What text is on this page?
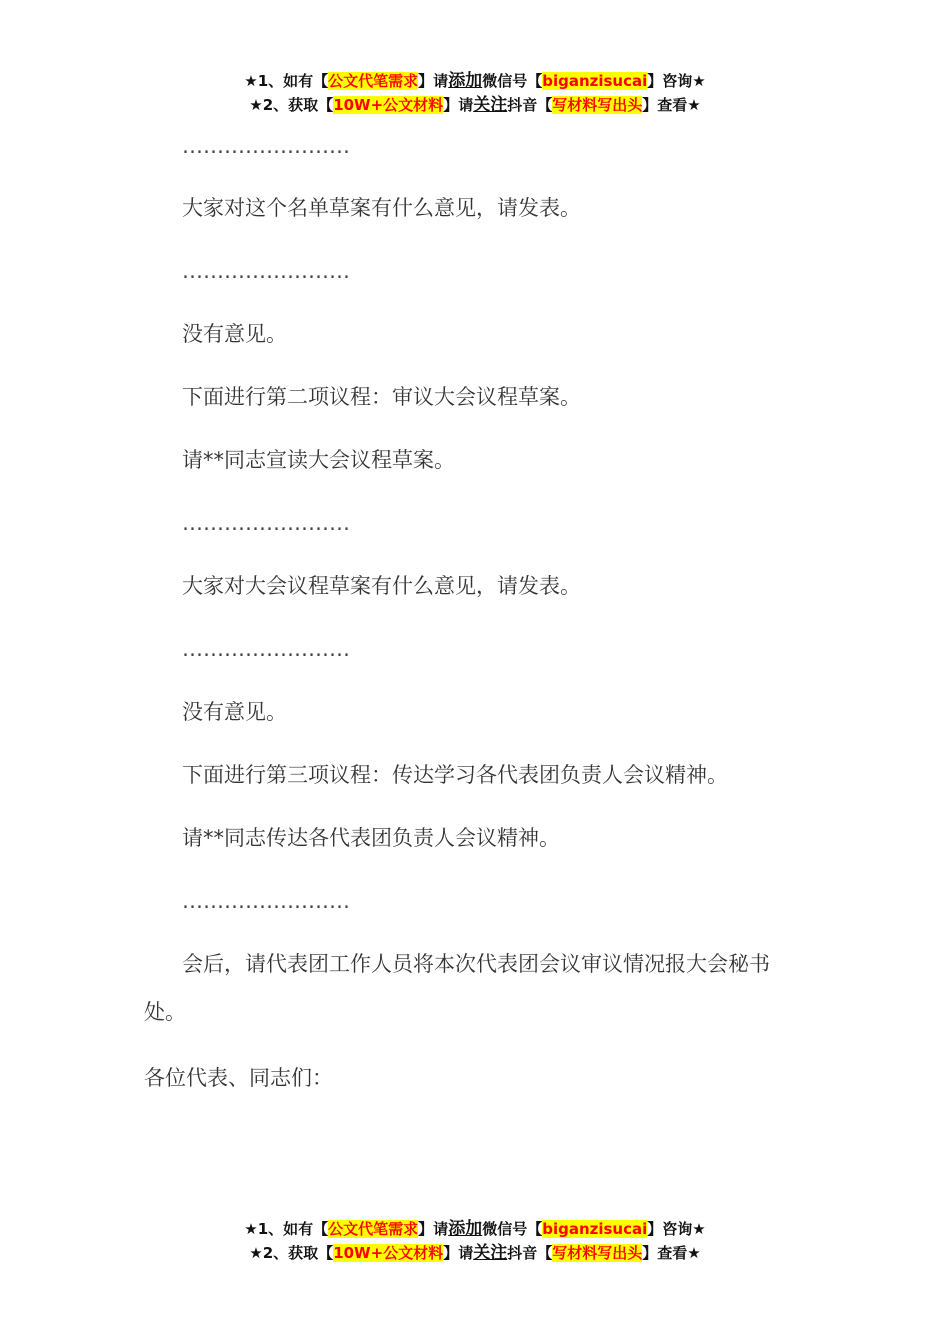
★1、如有【公文代笔需求】请添加微信号【biganzisucai】咨询★
★2、获取【10W+公文材料】请关注抖音【写材料写出头】查看★
……………………
大家对这个名单草案有什么意见，请发表。
……………………
没有意见。
下面进行第二项议程：审议大会议程草案。
请**同志宣读大会议程草案。
……………………
大家对大会议程草案有什么意见，请发表。
……………………
没有意见。
下面进行第三项议程：传达学习各代表团负责人会议精神。
请**同志传达各代表团负责人会议精神。
……………………
会后，请代表团工作人员将本次代表团会议审议情况报大会秘书处。
各位代表、同志们：
★1、如有【公文代笔需求】请添加微信号【biganzisucai】咨询★
★2、获取【10W+公文材料】请关注抖音【写材料写出头】查看★
